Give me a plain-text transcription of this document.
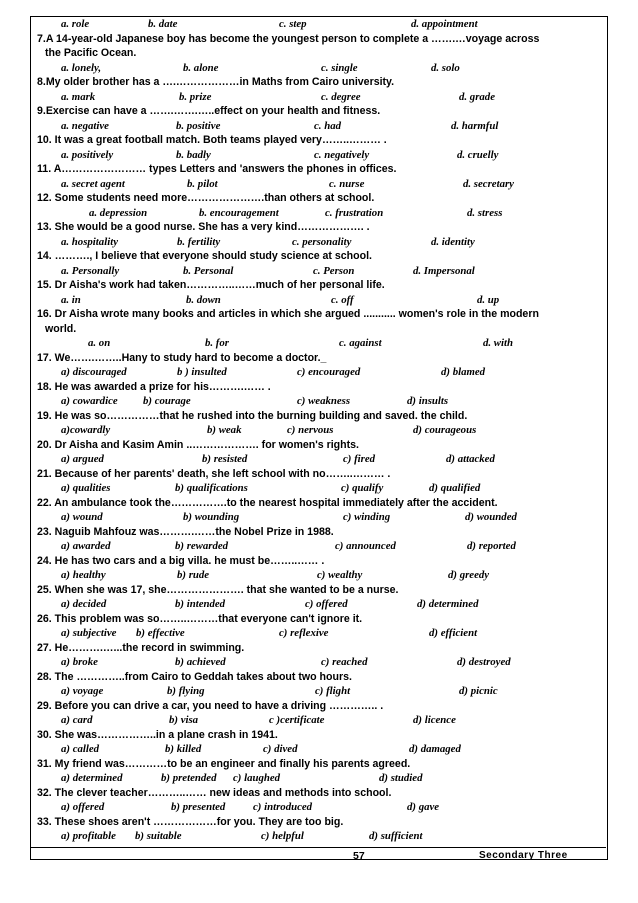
a. role	b. date	c. step	d. appointment
7.A 14-year-old Japanese boy has become the youngest person to complete a …….…voyage across
the Pacific Ocean.
a. lonely,	b. alone	c. single	d. solo
8.My older brother has a ….………………in Maths from Cairo university.
a. mark	b. prize	c. degree	d. grade
9.Exercise can have a …….…….…..effect on your health and fitness.
a. negative	b. positive	c. had	d. harmful
10. It was a great football match. Both teams played very……..……… .
a. positively	b. badly	c. negatively	d. cruelly
11. A…………………… types Letters and 'answers the phones in offices.
a. secret agent	b. pilot	c. nurse	d. secretary
12. Some students need more………………….than others at school.
a. depression	b. encouragement	c. frustration	d. stress
13. She would be a good nurse. She has a very kind………………. .
a. hospitality	b. fertility	c. personality	d. identity
14. ………., I believe that everyone should study science at school.
a. Personally	b. Personal	c. Person	d. Impersonal
15. Dr Aisha's work had taken…………..……much of her personal life.
a. in	b. down	c. off	d. up
16. Dr Aisha wrote many books and articles in which she argued ........... women's role in the modern
world.
a. on	b. for	c. against	d. with
17. We…….……..Hany to study hard to become a doctor._
a) discouraged	b ) insulted	c) encouraged	d) blamed
18. He was awarded a prize for his……….…… .
a) cowardice b) courage	c) weakness	d) insults
19. He was so……………that he rushed into the burning building and saved. the child.
a)cowardly	b) weak	c) nervous	d) courageous
20. Dr Aisha and Kasim Amin ..………………. for women's rights.
a) argued	b) resisted	c) fired	d) attacked
21. Because of her parents' death, she left school with no……..……… .
a) qualities	b) qualifications	c) qualify	d) qualified
22. An ambulance took the…………….to the nearest hospital immediately after the accident.
a) wound	b) wounding	c) winding	d) wounded
23. Naguib Mahfouz was……….……the Nobel Prize in 1988.
a) awarded	b) rewarded	c) announced	d) reported
24. He has two cars and a big villa. he must be……..…… .
a) healthy	b) rude	c) wealthy	d) greedy
25. When she was 17, she…………………. that she wanted to be a nurse.
a) decided	b) intended	c) offered	d) determined
26. This problem was so……..………that everyone can't ignore it.
a) subjective b) effective	c) reflexive	d) efficient
27. He……….…...the record in swimming.
a) broke	b) achieved	c) reached	d) destroyed
28. The …………..from Cairo to Geddah takes about two hours.
a) voyage	b) flying	c) flight	d) picnic
29. Before you can drive a car, you need to have a driving ………….. .
a) card	b) visa	c )certificate	d) licence
30. She was……………..in a plane crash in 1941.
a) called	b) killed	c) dived	d) damaged
31. My friend was…………to be an engineer and finally his parents agreed.
a) determined	b) pretended c) laughed	d) studied
32. The clever teacher………..…… new ideas and methods into school.
a) offered	b) presented	c) introduced	d) gave
33. These shoes aren't ………………for you. They are too big.
a) profitable b) suitable	c) helpful	d) sufficient
57	Secondary Three
